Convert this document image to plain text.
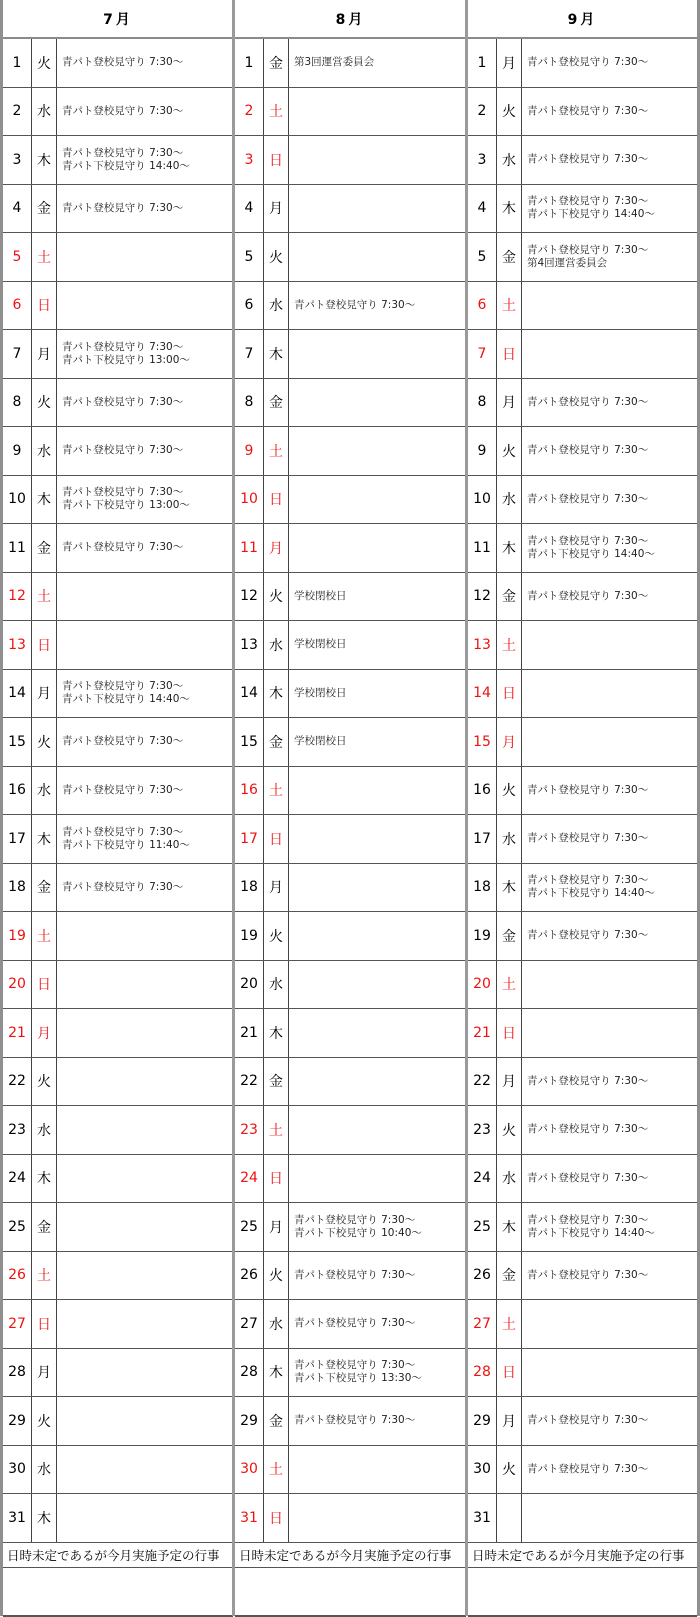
7月
1	火	青パト登校見守り 7:30～
2	水	青パト登校見守り 7:30～
3	木	青パト登校見守り 7:30～
青パト下校見守り 14:40～
4	金	青パト登校見守り 7:30～
5	土
6	日
7	月	青パト登校見守り 7:30～
青パト下校見守り 13:00～
8	火	青パト登校見守り 7:30～
9	水	青パト登校見守り 7:30～
10 木	青パト登校見守り 7:30～
青パト下校見守り 13:00～
11 金	青パト登校見守り 7:30～
12 土
13 日
14 月	青パト登校見守り 7:30～
青パト下校見守り 14:40～
15 火	青パト登校見守り 7:30～
16 水	青パト登校見守り 7:30～
17 木	青パト登校見守り 7:30～
青パト下校見守り 11:40～
18 金	青パト登校見守り 7:30～
19 土
20 日
21 月
22 火
23 水
24 木
25 金
26 土
27 日
28 月
29 火
30 水
31 木
日時未定であるが今月実施予定の行事
8月
1	金	第3回運営委員会
2	土
3	日
4	月
5	火
6	水	青パト登校見守り 7:30～
7	木
8	金
9	土
10 日
11 月
12 火	学校閉校日
13 水	学校閉校日
14 木	学校閉校日
15 金	学校閉校日
16 土
17 日
18 月
19 火
20 水
21 木
22 金
23 土
24 日
25 月	青パト登校見守り 7:30～
青パト下校見守り 10:40～
26 火	青パト登校見守り 7:30～
27 水	青パト登校見守り 7:30～
28 木	青パト登校見守り 7:30～
青パト下校見守り 13:30～
29 金	青パト登校見守り 7:30～
30 土
31 日
日時未定であるが今月実施予定の行事
9月
1	月	青パト登校見守り 7:30～
2	火	青パト登校見守り 7:30～
3	水	青パト登校見守り 7:30～
4	木	青パト登校見守り 7:30～
青パト下校見守り 14:40～
5	金	青パト登校見守り 7:30～
第4回運営委員会
6	土
7	日
8	月	青パト登校見守り 7:30～
9	火	青パト登校見守り 7:30～
10 水	青パト登校見守り 7:30～
11 木	青パト登校見守り 7:30～
青パト下校見守り 14:40～
12 金	青パト登校見守り 7:30～
13 土
14 日
15 月
16 火	青パト登校見守り 7:30～
17 水	青パト登校見守り 7:30～
18 木	青パト登校見守り 7:30～
青パト下校見守り 14:40～
19 金	青パト登校見守り 7:30～
20 土
21 日
22 月	青パト登校見守り 7:30～
23 火	青パト登校見守り 7:30～
24 水	青パト登校見守り 7:30～
25 木	青パト登校見守り 7:30～
青パト下校見守り 14:40～
26 金	青パト登校見守り 7:30～
27 土
28 日
29 月	青パト登校見守り 7:30～
30 火	青パト登校見守り 7:30～
31
日時未定であるが今月実施予定の行事
